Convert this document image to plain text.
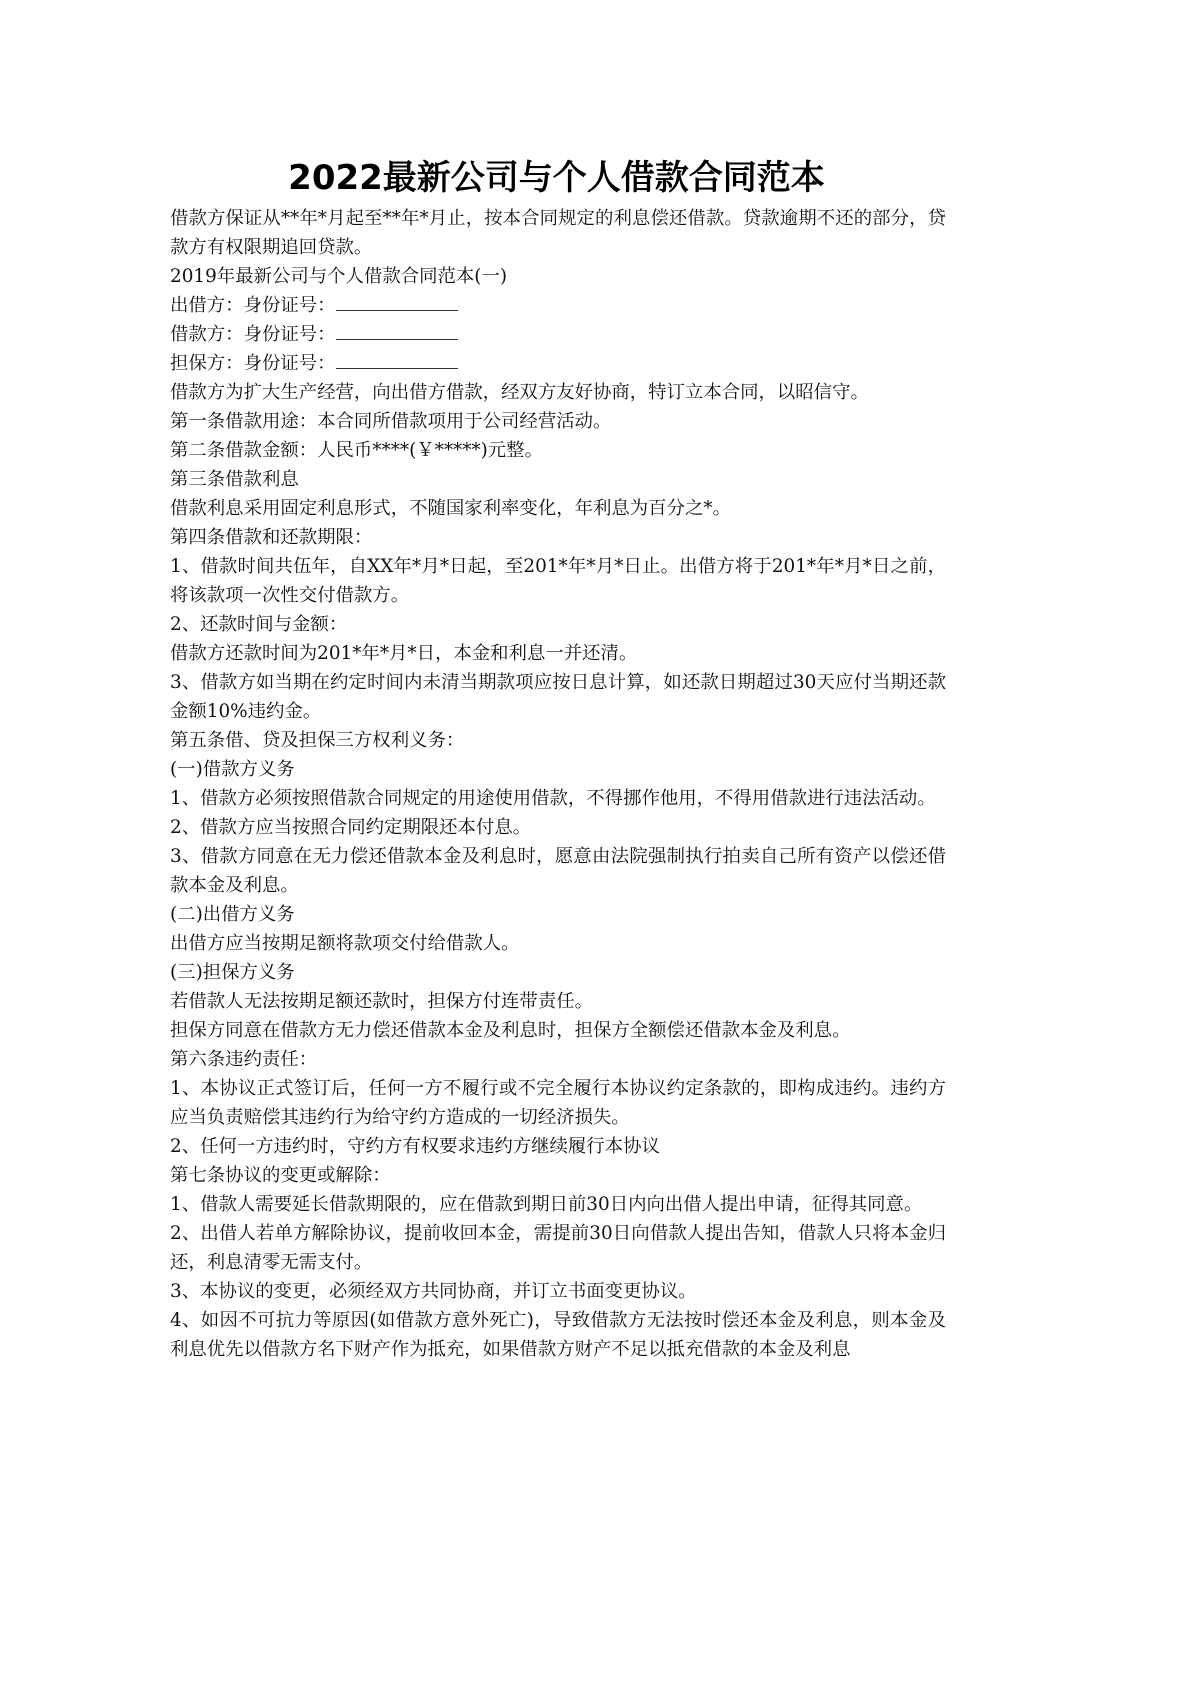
2022最新公司与个人借款合同范本

借款方保证从**年*月起至**年*月止，按本合同规定的利息偿还借款。贷款逾期不还的部分，贷款方有权限期追回贷款。

2019年最新公司与个人借款合同范本(一)

出借方：身份证号：

借款方：身份证号：

担保方：身份证号：

借款方为扩大生产经营，向出借方借款，经双方友好协商，特订立本合同，以昭信守。

第一条借款用途：本合同所借款项用于公司经营活动。

第二条借款金额：人民币****(￥*****)元整。

第三条借款利息

借款利息采用固定利息形式，不随国家利率变化，年利息为百分之*。

第四条借款和还款期限：

1、借款时间共伍年，自XX年*月*日起，至201*年*月*日止。出借方将于201*年*月*日之前，将该款项一次性交付借款方。

2、还款时间与金额：

借款方还款时间为201*年*月*日，本金和利息一并还清。

3、借款方如当期在约定时间内未清当期款项应按日息计算，如还款日期超过30天应付当期还款金额10%违约金。

第五条借、贷及担保三方权利义务：

(一)借款方义务

1、借款方必须按照借款合同规定的用途使用借款，不得挪作他用，不得用借款进行违法活动。

2、借款方应当按照合同约定期限还本付息。

3、借款方同意在无力偿还借款本金及利息时，愿意由法院强制执行拍卖自己所有资产以偿还借款本金及利息。

(二)出借方义务

出借方应当按期足额将款项交付给借款人。

(三)担保方义务

若借款人无法按期足额还款时，担保方付连带责任。

担保方同意在借款方无力偿还借款本金及利息时，担保方全额偿还借款本金及利息。

第六条违约责任：

1、本协议正式签订后，任何一方不履行或不完全履行本协议约定条款的，即构成违约。违约方应当负责赔偿其违约行为给守约方造成的一切经济损失。

2、任何一方违约时，守约方有权要求违约方继续履行本协议

第七条协议的变更或解除：

1、借款人需要延长借款期限的，应在借款到期日前30日内向出借人提出申请，征得其同意。

2、出借人若单方解除协议，提前收回本金，需提前30日向借款人提出告知，借款人只将本金归还，利息清零无需支付。

3、本协议的变更，必须经双方共同协商，并订立书面变更协议。

4、如因不可抗力等原因(如借款方意外死亡)，导致借款方无法按时偿还本金及利息，则本金及利息优先以借款方名下财产作为抵充，如果借款方财产不足以抵充借款的本金及利息
